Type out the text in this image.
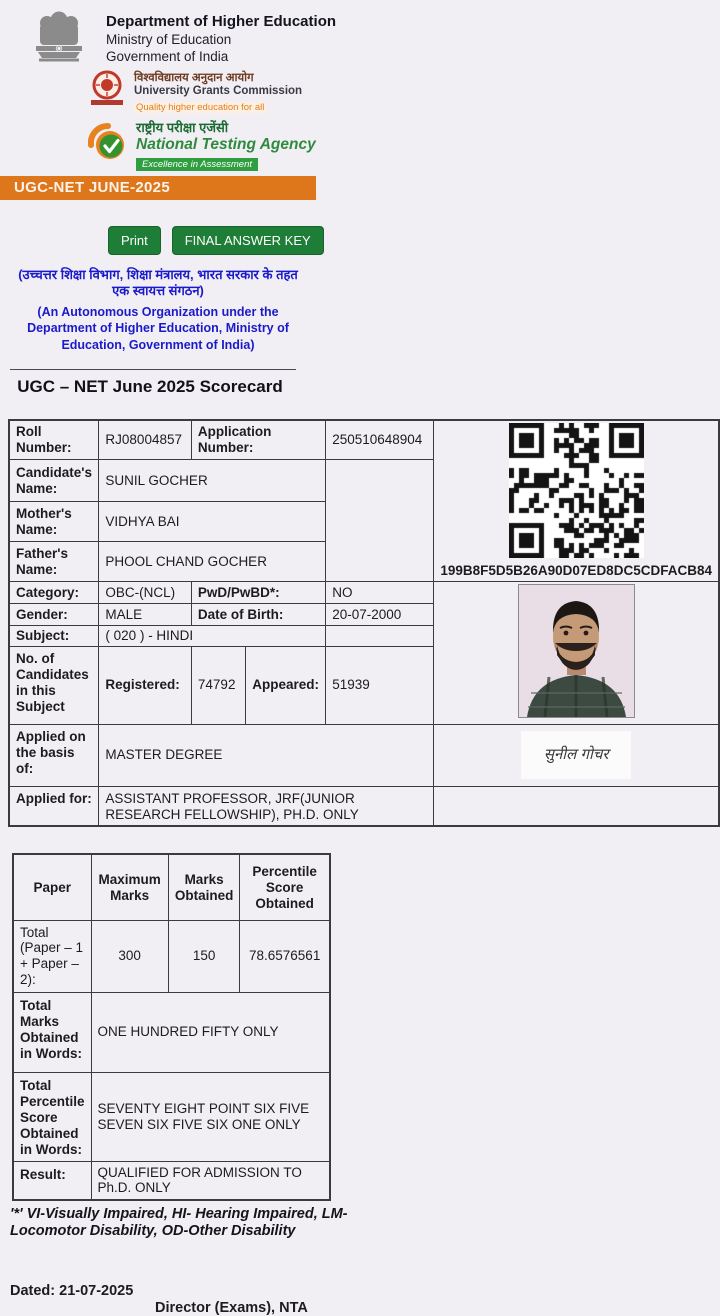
Department of Higher Education
Ministry of Education
Government of India
विश्वविद्यालय अनुदान आयोग
University Grants Commission
Quality higher education for all
राष्ट्रीय परीक्षा एजेंसी
National Testing Agency
Excellence in Assessment
UGC-NET JUNE-2025
Print	FINAL ANSWER KEY
(उच्चत्तर शिक्षा विभाग, शिक्षा मंत्रालय, भारत सरकार के तहत एक स्वायत्त संगठन)
(An Autonomous Organization under the Department of Higher Education, Ministry of Education, Government of India)
UGC – NET June 2025 Scorecard
Roll Number:	RJ08004857	Application Number:		250510648904	199B8F5D5B26A90D07ED8DC5CDFACB84

Candidate's Name:	SUNIL GOCHER				
Mother's Name:	VIDHYA BAI				
Father's Name:	PHOOL CHAND GOCHER				
Category:	OBC-(NCL)	PwD/PwBD*:		NO	
Gender:	MALE	Date of Birth:		20-07-2000	
Subject:	( 020 ) - HINDI				
No. of Candidates in this Subject	Registered:	74792	Appeared:	51939	
Applied on the basis of:	MASTER DEGREE				सुनील गोचर
Applied for:	ASSISTANT PROFESSOR, JRF(JUNIOR RESEARCH FELLOWSHIP), PH.D. ONLY				
Paper	Maximum Marks	Marks Obtained	Percentile Score Obtained
Total (Paper – 1 + Paper – 2):	300	150	78.6576561
Total Marks Obtained in Words:	ONE HUNDRED FIFTY ONLY		
Total Percentile Score Obtained in Words:	SEVENTY EIGHT POINT SIX FIVE SEVEN SIX FIVE SIX ONE ONLY		
Result:	QUALIFIED FOR ADMISSION TO Ph.D. ONLY		
'*' VI-Visually Impaired, HI- Hearing Impaired, LM-Locomotor Disability, OD-Other Disability
Dated: 21-07-2025
Director (Exams), NTA
